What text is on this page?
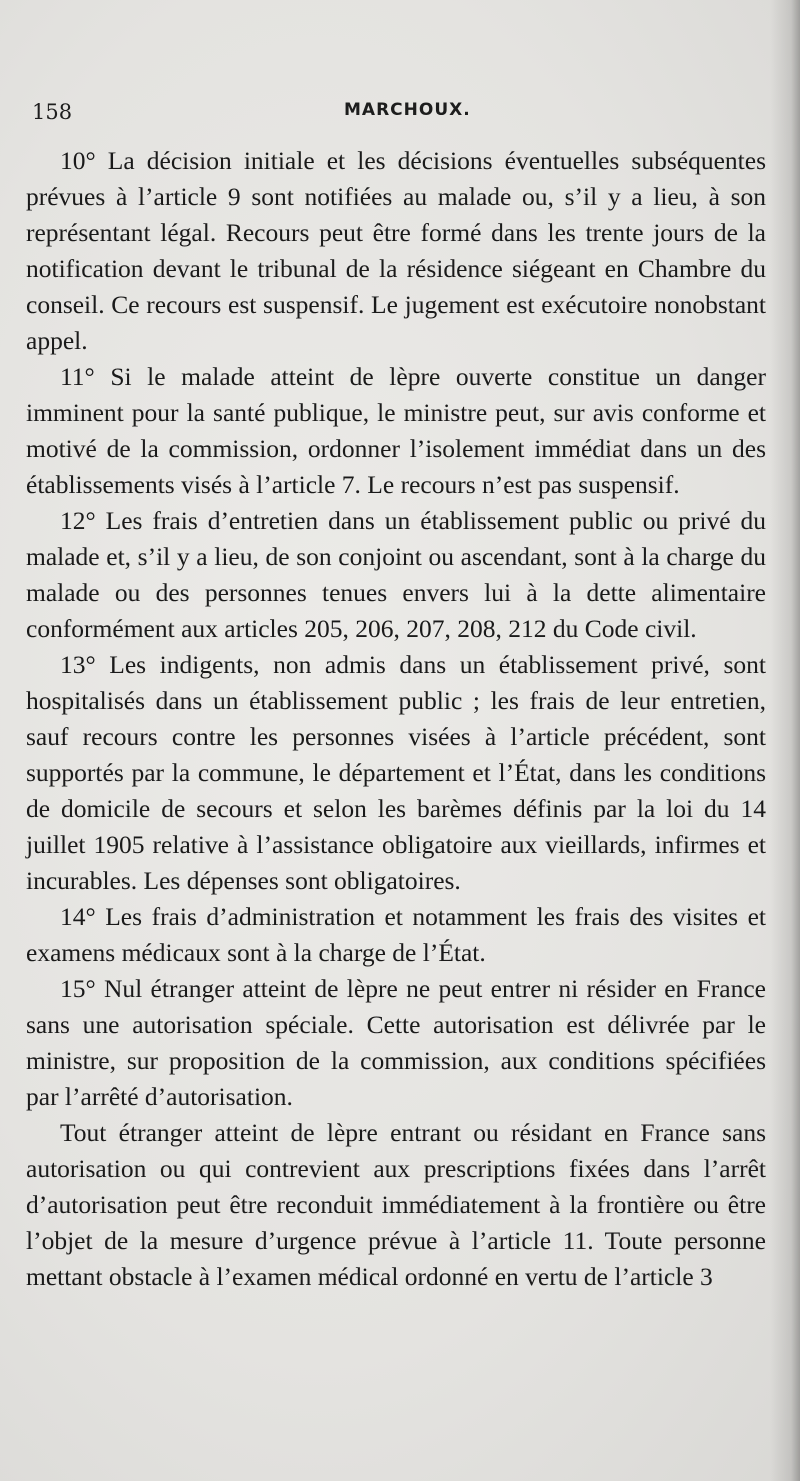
158	MARCHOUX.

10° La décision initiale et les décisions éventuelles subséquentes prévues à l’article 9 sont notifiées au malade ou, s’il y a lieu, à son représentant légal. Recours peut être formé dans les trente jours de la notification devant le tribunal de la résidence siégeant en Chambre du conseil. Ce recours est suspensif. Le jugement est exécutoire nonobstant appel.

11° Si le malade atteint de lèpre ouverte constitue un danger imminent pour la santé publique, le ministre peut, sur avis conforme et motivé de la commission, ordonner l’isolement immédiat dans un des établissements visés à l’article 7. Le recours n’est pas suspensif.

12° Les frais d’entretien dans un établissement public ou privé du malade et, s’il y a lieu, de son conjoint ou ascendant, sont à la charge du malade ou des personnes tenues envers lui à la dette alimentaire conformément aux articles 205, 206, 207, 208, 212 du Code civil.

13° Les indigents, non admis dans un établissement privé, sont hospitalisés dans un établissement public ; les frais de leur entretien, sauf recours contre les personnes visées à l’article précédent, sont supportés par la commune, le département et l’État, dans les conditions de domicile de secours et selon les barèmes définis par la loi du 14 juillet 1905 relative à l’assistance obligatoire aux vieillards, infirmes et incurables. Les dépenses sont obligatoires.

14° Les frais d’administration et notamment les frais des visites et examens médicaux sont à la charge de l’État.

15° Nul étranger atteint de lèpre ne peut entrer ni résider en France sans une autorisation spéciale. Cette autorisation est délivrée par le ministre, sur proposition de la commission, aux conditions spécifiées par l’arrêté d’autorisation.

Tout étranger atteint de lèpre entrant ou résidant en France sans autorisation ou qui contrevient aux prescriptions fixées dans l’arrêt d’autorisation peut être reconduit immédiatement à la frontière ou être l’objet de la mesure d’urgence prévue à l’article 11. Toute personne mettant obstacle à l’examen médical ordonné en vertu de l’article 3
